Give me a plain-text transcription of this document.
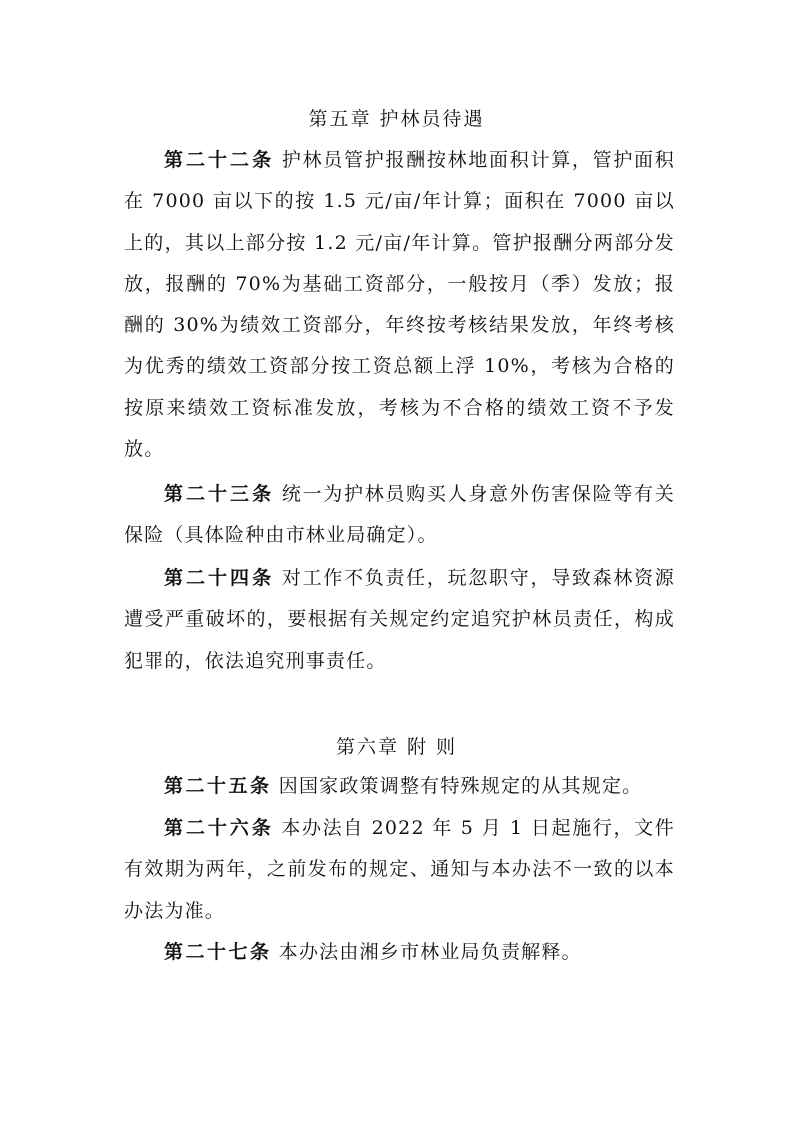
第五章 护林员待遇

第二十二条 护林员管护报酬按林地面积计算，管护面积在 7000 亩以下的按 1.5 元/亩/年计算；面积在 7000 亩以上的，其以上部分按 1.2 元/亩/年计算。管护报酬分两部分发放，报酬的 70%为基础工资部分，一般按月（季）发放；报酬的 30%为绩效工资部分，年终按考核结果发放，年终考核为优秀的绩效工资部分按工资总额上浮 10%，考核为合格的按原来绩效工资标准发放，考核为不合格的绩效工资不予发放。

第二十三条 统一为护林员购买人身意外伤害保险等有关保险（具体险种由市林业局确定）。

第二十四条 对工作不负责任，玩忽职守，导致森林资源遭受严重破坏的，要根据有关规定约定追究护林员责任，构成犯罪的，依法追究刑事责任。

第六章 附 则

第二十五条 因国家政策调整有特殊规定的从其规定。

第二十六条 本办法自 2022 年 5 月 1 日起施行，文件有效期为两年，之前发布的规定、通知与本办法不一致的以本办法为准。

第二十七条 本办法由湘乡市林业局负责解释。
